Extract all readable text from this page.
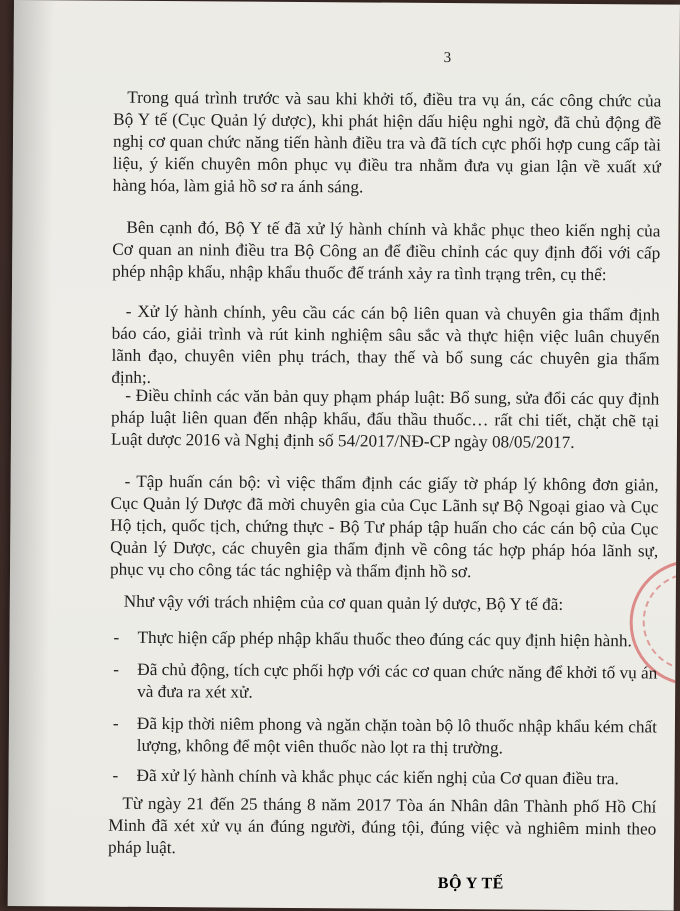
3
Trong quá trình trước và sau khi khởi tố, điều tra vụ án, các công chức của Bộ Y tế (Cục Quản lý dược), khi phát hiện dấu hiệu nghi ngờ, đã chủ động đề nghị cơ quan chức năng tiến hành điều tra và đã tích cực phối hợp cung cấp tài liệu, ý kiến chuyên môn phục vụ điều tra nhằm đưa vụ gian lận về xuất xứ hàng hóa, làm giả hồ sơ ra ánh sáng.
Bên cạnh đó, Bộ Y tế đã xử lý hành chính và khắc phục theo kiến nghị của Cơ quan an ninh điều tra Bộ Công an để điều chỉnh các quy định đối với cấp phép nhập khẩu, nhập khẩu thuốc để tránh xảy ra tình trạng trên, cụ thể:
- Xử lý hành chính, yêu cầu các cán bộ liên quan và chuyên gia thẩm định báo cáo, giải trình và rút kinh nghiệm sâu sắc và thực hiện việc luân chuyển lãnh đạo, chuyên viên phụ trách, thay thế và bổ sung các chuyên gia thẩm định;.
- Điều chỉnh các văn bản quy phạm pháp luật: Bổ sung, sửa đổi các quy định pháp luật liên quan đến nhập khẩu, đấu thầu thuốc… rất chi tiết, chặt chẽ tại Luật dược 2016 và Nghị định số 54/2017/NĐ-CP ngày 08/05/2017.
- Tập huấn cán bộ: vì việc thẩm định các giấy tờ pháp lý không đơn giản, Cục Quản lý Dược đã mời chuyên gia của Cục Lãnh sự Bộ Ngoại giao và Cục Hộ tịch, quốc tịch, chứng thực - Bộ Tư pháp tập huấn cho các cán bộ của Cục Quản lý Dược, các chuyên gia thẩm định về công tác hợp pháp hóa lãnh sự, phục vụ cho công tác tác nghiệp và thẩm định hồ sơ.
Như vậy với trách nhiệm của cơ quan quản lý dược, Bộ Y tế đã:
- Thực hiện cấp phép nhập khẩu thuốc theo đúng các quy định hiện hành.
- Đã chủ động, tích cực phối hợp với các cơ quan chức năng để khởi tố vụ án và đưa ra xét xử.
- Đã kịp thời niêm phong và ngăn chặn toàn bộ lô thuốc nhập khẩu kém chất lượng, không để một viên thuốc nào lọt ra thị trường.
- Đã xử lý hành chính và khắc phục các kiến nghị của Cơ quan điều tra.
Từ ngày 21 đến 25 tháng 8 năm 2017 Tòa án Nhân dân Thành phố Hồ Chí Minh đã xét xử vụ án đúng người, đúng tội, đúng việc và nghiêm minh theo pháp luật.
BỘ Y TẾ
